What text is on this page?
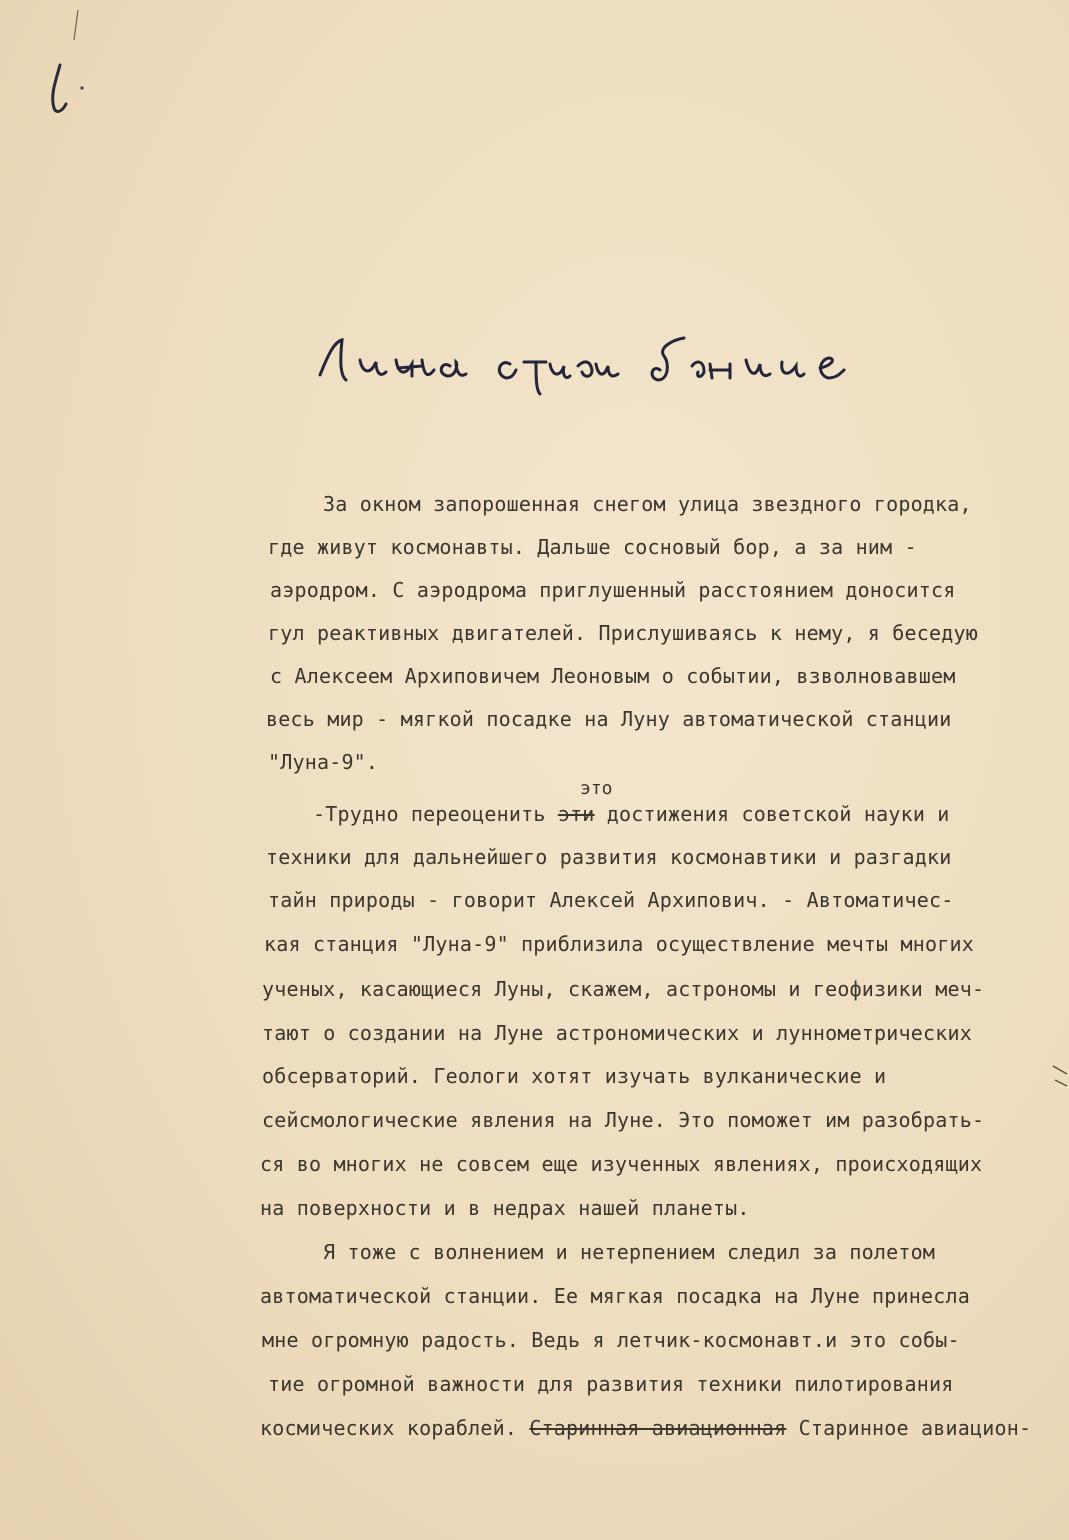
За окном запорошенная снегом улица звездного городка,
где живут космонавты. Дальше сосновый бор, а за ним -
аэродром. С аэродрома приглушенный расстоянием доносится
гул реактивных двигателей. Прислушиваясь к нему, я беседую
с Алексеем Архиповичем Леоновым о событии, взволновавшем
весь мир - мягкой посадке на Луну автоматической станции
"Луна-9".
это
-Трудно переоценить эти достижения советской науки и
техники для дальнейшего развития космонавтики и разгадки
тайн природы - говорит Алексей Архипович. - Автоматичес-
кая станция "Луна-9" приблизила осуществление мечты многих
ученых, касающиеся Луны, скажем, астрономы и геофизики меч-
тают о создании на Луне астрономических и луннометрических
обсерваторий. Геологи хотят изучать вулканические и
сейсмологические явления на Луне. Это поможет им разобрать-
ся во многих не совсем еще изученных явлениях, происходящих
на поверхности и в недрах нашей планеты.
Я тоже с волнением и нетерпением следил за полетом
автоматической станции. Ее мягкая посадка на Луне принесла
мне огромную радость. Ведь я летчик-космонавт.и это собы-
тие огромной важности для развития техники пилотирования
космических кораблей. Старинная авиационная Старинное авиацион-
